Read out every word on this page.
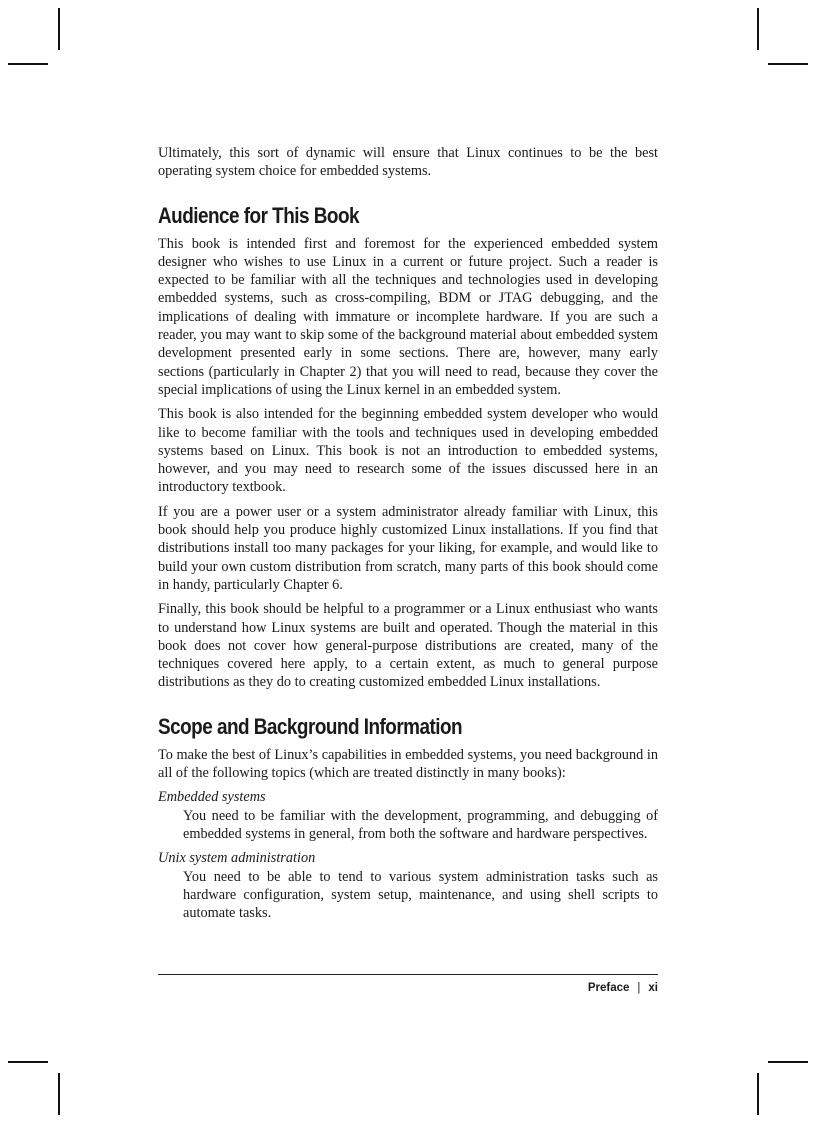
Ultimately, this sort of dynamic will ensure that Linux continues to be the best operating system choice for embedded systems.

Audience for This Book

This book is intended first and foremost for the experienced embedded system designer who wishes to use Linux in a current or future project. Such a reader is expected to be familiar with all the techniques and technologies used in developing embedded systems, such as cross-compiling, BDM or JTAG debugging, and the implications of dealing with immature or incomplete hardware. If you are such a reader, you may want to skip some of the background material about embedded system development presented early in some sections. There are, however, many early sections (particularly in Chapter 2) that you will need to read, because they cover the special implications of using the Linux kernel in an embedded system.

This book is also intended for the beginning embedded system developer who would like to become familiar with the tools and techniques used in developing embedded systems based on Linux. This book is not an introduction to embedded systems, however, and you may need to research some of the issues discussed here in an introductory textbook.

If you are a power user or a system administrator already familiar with Linux, this book should help you produce highly customized Linux installations. If you find that distributions install too many packages for your liking, for example, and would like to build your own custom distribution from scratch, many parts of this book should come in handy, particularly Chapter 6.

Finally, this book should be helpful to a programmer or a Linux enthusiast who wants to understand how Linux systems are built and operated. Though the material in this book does not cover how general-purpose distributions are created, many of the techniques covered here apply, to a certain extent, as much to general purpose distributions as they do to creating customized embedded Linux installations.

Scope and Background Information

To make the best of Linux’s capabilities in embedded systems, you need background in all of the following topics (which are treated distinctly in many books):

Embedded systems
You need to be familiar with the development, programming, and debugging of embedded systems in general, from both the software and hardware perspectives.
Unix system administration
You need to be able to tend to various system administration tasks such as hardware configuration, system setup, maintenance, and using shell scripts to automate tasks.
Preface | xi
